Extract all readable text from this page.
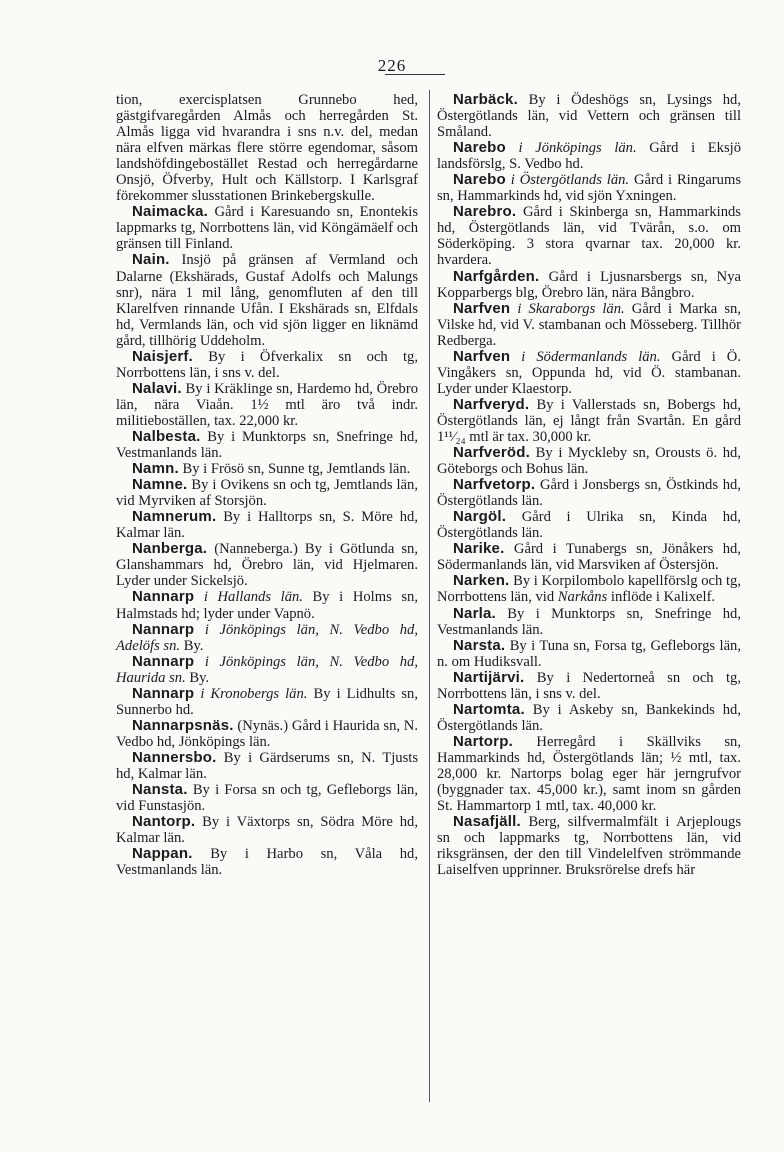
226

tion, exercisplatsen Grunnebo hed, gästgifvaregården Almås och herregården St. Almås ligga vid hvarandra i sns n.v. del, medan nära elfven märkas flere större egendomar, såsom landshöfdingebostället Restad och herregårdarne Onsjö, Öfverby, Hult och Källstorp. I Karlsgraf förekommer slusstationen Brinkebergskulle.

Naimacka. Gård i Karesuando sn, Enontekis lappmarks tg, Norrbottens län, vid Köngämäelf och gränsen till Finland.

Nain. Insjö på gränsen af Vermland och Dalarne (Ekshärads, Gustaf Adolfs och Malungs snr), nära 1 mil lång, genomfluten af den till Klarelfven rinnande Ufån. I Ekshärads sn, Elfdals hd, Vermlands län, och vid sjön ligger en liknämd gård, tillhörig Uddeholm.

Naisjerf. By i Öfverkalix sn och tg, Norrbottens län, i sns v. del.

Nalavi. By i Kräklinge sn, Hardemo hd, Örebro län, nära Viaån. 1½ mtl äro två indr. militieboställen, tax. 22,000 kr.

Nalbesta. By i Munktorps sn, Snefringe hd, Vestmanlands län.

Namn. By i Frösö sn, Sunne tg, Jemtlands län.

Namne. By i Ovikens sn och tg, Jemtlands län, vid Myrviken af Storsjön.

Namnerum. By i Halltorps sn, S. Möre hd, Kalmar län.

Nanberga. (Nanneberga.) By i Götlunda sn, Glanshammars hd, Örebro län, vid Hjelmaren. Lyder under Sickelsjö.

Nannarp i Hallands län. By i Holms sn, Halmstads hd; lyder under Vapnö.

Nannarp i Jönköpings län, N. Vedbo hd, Adelöfs sn. By.

Nannarp i Jönköpings län, N. Vedbo hd, Haurida sn. By.

Nannarp i Kronobergs län. By i Lidhults sn, Sunnerbo hd.

Nannarpsnäs. (Nynäs.) Gård i Haurida sn, N. Vedbo hd, Jönköpings län.

Nannersbo. By i Gärdserums sn, N. Tjusts hd, Kalmar län.

Nansta. By i Forsa sn och tg, Gefleborgs län, vid Funstasjön.

Nantorp. By i Växtorps sn, Södra Möre hd, Kalmar län.

Nappan. By i Harbo sn, Våla hd, Vestmanlands län.

Narbäck. By i Ödeshögs sn, Lysings hd, Östergötlands län, vid Vettern och gränsen till Småland.

Narebo i Jönköpings län. Gård i Eksjö landsförslg, S. Vedbo hd.

Narebo i Östergötlands län. Gård i Ringarums sn, Hammarkinds hd, vid sjön Yxningen.

Narebro. Gård i Skinberga sn, Hammarkinds hd, Östergötlands län, vid Tvärån, s.o. om Söderköping. 3 stora qvarnar tax. 20,000 kr. hvardera.

Narfgården. Gård i Ljusnarsbergs sn, Nya Kopparbergs blg, Örebro län, nära Bångbro.

Narfven i Skaraborgs län. Gård i Marka sn, Vilske hd, vid V. stambanan och Mösseberg. Tillhör Redberga.

Narfven i Södermanlands län. Gård i Ö. Vingåkers sn, Oppunda hd, vid Ö. stambanan. Lyder under Klaestorp.

Narfveryd. By i Vallerstads sn, Bobergs hd, Östergötlands län, ej långt från Svartån. En gård 1¹¹⁄₂₄ mtl är tax. 30,000 kr.

Narfveröd. By i Myckleby sn, Orousts ö. hd, Göteborgs och Bohus län.

Narfvetorp. Gård i Jonsbergs sn, Östkinds hd, Östergötlands län.

Nargöl. Gård i Ulrika sn, Kinda hd, Östergötlands län.

Narike. Gård i Tunabergs sn, Jönåkers hd, Södermanlands län, vid Marsviken af Östersjön.

Narken. By i Korpilombolo kapellförslg och tg, Norrbottens län, vid Narkåns inflöde i Kalixelf.

Narla. By i Munktorps sn, Snefringe hd, Vestmanlands län.

Narsta. By i Tuna sn, Forsa tg, Gefleborgs län, n. om Hudiksvall.

Nartijärvi. By i Nedertorneå sn och tg, Norrbottens län, i sns v. del.

Nartomta. By i Askeby sn, Bankekinds hd, Östergötlands län.

Nartorp. Herregård i Skällviks sn, Hammarkinds hd, Östergötlands län; ½ mtl, tax. 28,000 kr. Nartorps bolag eger här jerngrufvor (byggnader tax. 45,000 kr.), samt inom sn gården St. Hammartorp 1 mtl, tax. 40,000 kr.

Nasafjäll. Berg, silfvermalmfält i Arjeplougs sn och lappmarks tg, Norrbottens län, vid riksgränsen, der den till Vindelelfven strömmande Laiselfven upprinner. Bruksrörelse drefs här
